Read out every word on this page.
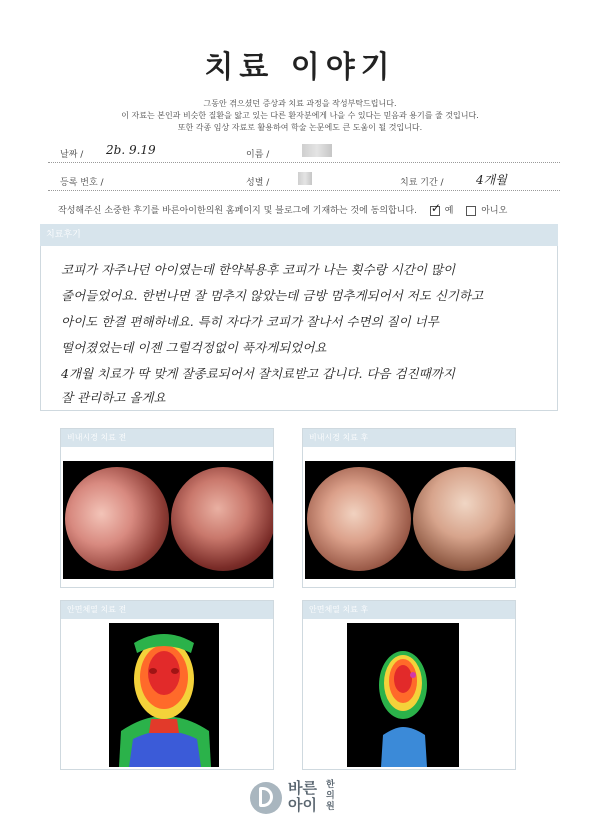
치료 이야기
그동안 겪으셨던 증상과 치료 과정을 작성부탁드립니다.
이 자료는 본인과 비슷한 질환을 앓고 있는 다른 환자분에게 나을 수 있다는 믿음과 용기를 줄 것입니다.
또한 각종 임상 자료로 활용하여 학술 논문에도 큰 도움이 될 것입니다.
날짜 / 2b. 9.19	이름 /
등록 번호 /	성별 /	치료 기간 /	4개월
작성해주신 소중한 후기를 바른아이한의원 홈페이지 및 블로그에 기재하는 것에 동의합니다. ✓	예	아니오
치료후기
코피가 자주나던 아이였는데 한약복용후 코피가 나는 횟수랑 시간이 많이
줄어들었어요. 한번나면 잘 멈추지 않았는데 금방 멈추게되어서 저도 신기하고
아이도 한결 편해하네요. 특히 자다가 코피가 잘나서 수면의 질이 너무
떨어졌었는데 이젠 그럴걱정없이 푹자게되었어요
4개월 치료가 딱 맞게 잘종료되어서 잘치료받고 갑니다. 다음 검진때까지
잘 관리하고 올게요
비내시경 치료 전	비내시경 치료 후
안면체열 치료 전	안면체열 치료 후
바른
아이
한의원
